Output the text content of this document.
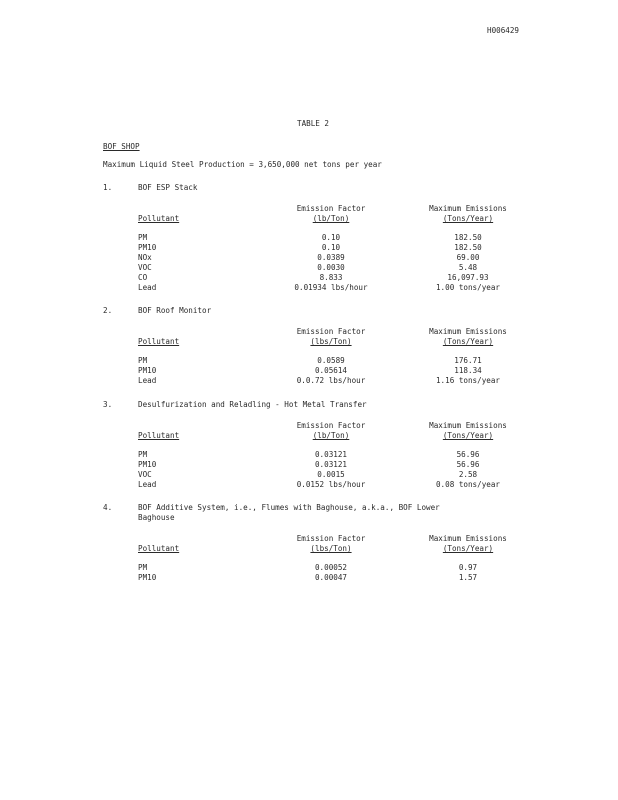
H006429
TABLE 2
BOF SHOP
Maximum Liquid Steel Production = 3,650,000 net tons per year
1.	BOF ESP Stack
Emission Factor	Maximum Emissions
Pollutant	(lb/Ton)	(Tons/Year)
PM	0.10	182.50
PM10	0.10	182.50
NOx	0.0389	69.00
VOC	0.0030	5.48
CO	8.833	16,097.93
Lead	0.01934 lbs/hour	1.00 tons/year
2.	BOF Roof Monitor
Emission Factor	Maximum Emissions
Pollutant	(lbs/Ton)	(Tons/Year)
PM	0.0589	176.71
PM10	0.05614	118.34
Lead	0.0.72 lbs/hour	1.16 tons/year
3.	Desulfurization and Reladling - Hot Metal Transfer
Emission Factor	Maximum Emissions
Pollutant	(lb/Ton)	(Tons/Year)
PM	0.03121	56.96
PM10	0.03121	56.96
VOC	0.0015	2.58
Lead	0.0152 lbs/hour	0.08 tons/year
4.	BOF Additive System, i.e., Flumes with Baghouse, a.k.a., BOF Lower
Baghouse
Emission Factor	Maximum Emissions
Pollutant	(lbs/Ton)	(Tons/Year)
PM	0.00052	0.97
PM10	0.00047	1.57
